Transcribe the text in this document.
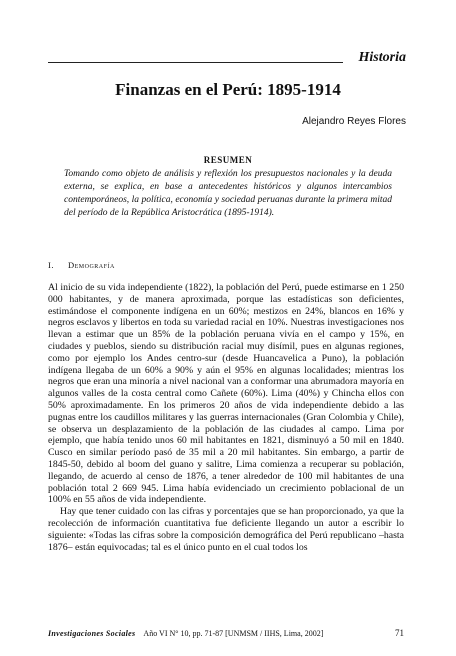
Historia
Finanzas en el Perú: 1895-1914
Alejandro Reyes Flores
RESUMEN
Tomando como objeto de análisis y reflexión los presupuestos nacionales y la deuda externa, se explica, en base a antecedentes históricos y algunos intercambios contemporáneos, la política, economía y sociedad peruanas durante la primera mitad del período de la República Aristocrática (1895-1914).
I. Demografía

Al inicio de su vida independiente (1822), la población del Perú, puede estimarse en 1 250 000 habitantes, y de manera aproximada, porque las estadísticas son deficientes, estimándose el componente indígena en un 60%; mestizos en 24%, blancos en 16% y negros esclavos y libertos en toda su variedad racial en 10%. Nuestras investigaciones nos llevan a estimar que un 85% de la población peruana vivía en el campo y 15%, en ciudades y pueblos, siendo su distribución racial muy disímil, pues en algunas regiones, como por ejemplo los Andes centro-sur (desde Huancavelica a Puno), la población indígena llegaba de un 60% a 90% y aún el 95% en algunas localidades; mientras los negros que eran una minoría a nivel nacional van a conformar una abrumadora mayoría en algunos valles de la costa central como Cañete (60%). Lima (40%) y Chincha ellos con 50% aproximadamente. En los primeros 20 años de vida independiente debido a las pugnas entre los caudillos militares y las guerras internacionales (Gran Colombia y Chile), se observa un desplazamiento de la población de las ciudades al campo. Lima por ejemplo, que había tenido unos 60 mil habitantes en 1821, disminuyó a 50 mil en 1840. Cusco en similar período pasó de 35 mil a 20 mil habitantes. Sin embargo, a partir de 1845-50, debido al boom del guano y salitre, Lima comienza a recuperar su población, llegando, de acuerdo al censo de 1876, a tener alrededor de 100 mil habitantes de una población total 2 669 945. Lima había evidenciado un crecimiento poblacional de un 100% en 55 años de vida independiente.

Hay que tener cuidado con las cifras y porcentajes que se han proporcionado, ya que la recolección de información cuantitativa fue deficiente llegando un autor a escribir lo siguiente: «Todas las cifras sobre la composición demográfica del Perú republicano –hasta 1876– están equivocadas; tal es el único punto en el cual todos los

Investigaciones Sociales Año VI N° 10, pp. 71-87 [UNMSM / IIHS, Lima, 2002]	71
